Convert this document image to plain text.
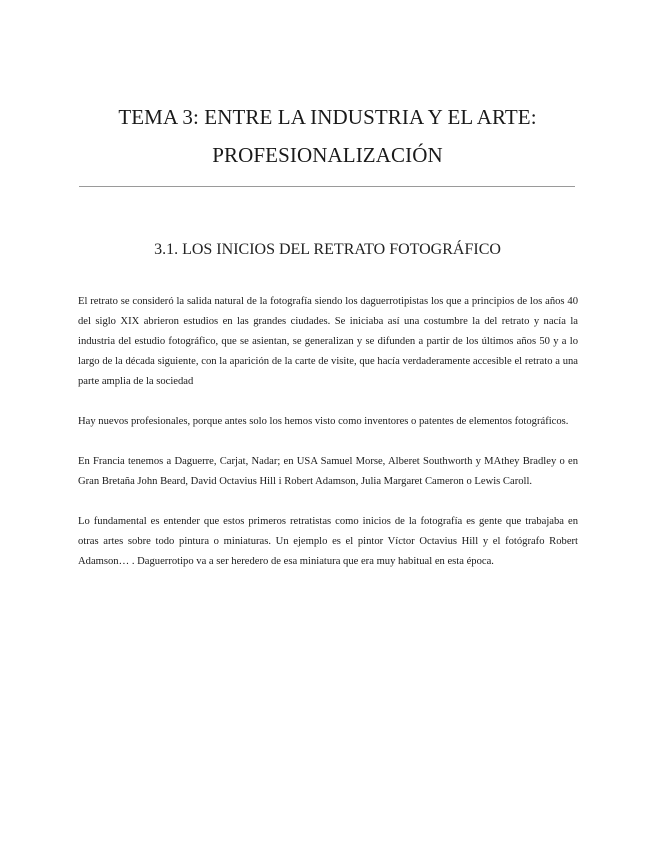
TEMA 3: ENTRE LA INDUSTRIA Y EL ARTE:
PROFESIONALIZACIÓN
3.1. LOS INICIOS DEL RETRATO FOTOGRÁFICO

El retrato se consideró la salida natural de la fotografía siendo los daguerrotipistas los que a principios de los años 40 del siglo XIX abrieron estudios en las grandes ciudades. Se iniciaba así una costumbre la del retrato y nacía la industria del estudio fotográfico, que se asientan, se generalizan y se difunden a partir de los últimos años 50 y a lo largo de la década siguiente, con la aparición de la carte de visite, que hacía verdaderamente accesible el retrato a una parte amplia de la sociedad

Hay nuevos profesionales, porque antes solo los hemos visto como inventores o patentes de elementos fotográficos.

En Francia tenemos a Daguerre, Carjat, Nadar; en USA Samuel Morse, Alberet Southworth y MAthey Bradley o en Gran Bretaña John Beard, David Octavius Hill i Robert Adamson, Julia Margaret Cameron o Lewis Caroll.

Lo fundamental es entender que estos primeros retratistas como inicios de la fotografía es gente que trabajaba en otras artes sobre todo pintura o miniaturas. Un ejemplo es el pintor Víctor Octavius Hill y el fotógrafo Robert Adamson… . Daguerrotipo va a ser heredero de esa miniatura que era muy habitual en esta época.
